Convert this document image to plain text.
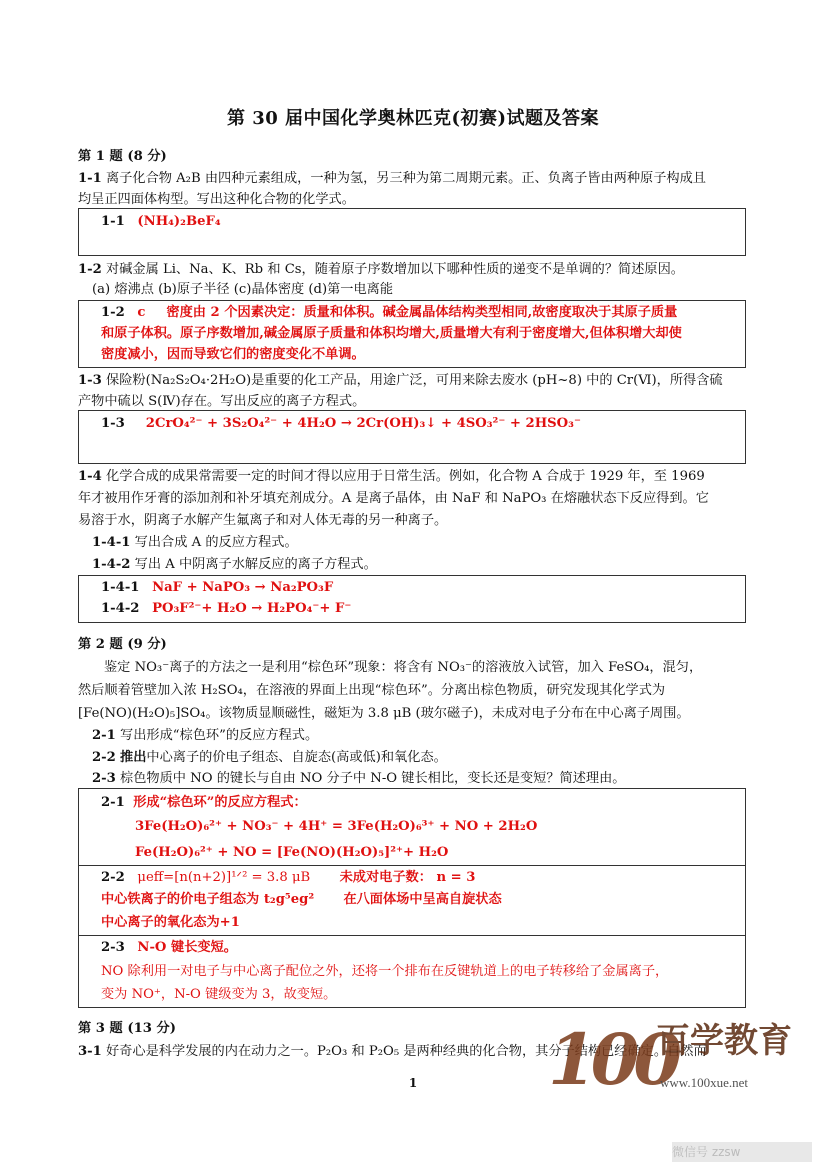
第 30 届中国化学奥林匹克(初赛)试题及答案
第 1 题 (8 分)
1-1 离子化合物 A₂B 由四种元素组成，一种为氢，另三种为第二周期元素。正、负离子皆由两种原子构成且
均呈正四面体构型。写出这种化合物的化学式。
1-1 (NH₄)₂BeF₄
1-2 对碱金属 Li、Na、K、Rb 和 Cs，随着原子序数增加以下哪种性质的递变不是单调的？简述原因。
(a) 熔沸点 (b)原子半径 (c)晶体密度 (d)第一电离能
1-2 c 密度由 2 个因素决定：质量和体积。碱金属晶体结构类型相同,故密度取决于其原子质量
和原子体积。原子序数增加,碱金属原子质量和体积均增大,质量增大有利于密度增大,但体积增大却使
密度减小，因而导致它们的密度变化不单调。
1-3 保险粉(Na₂S₂O₄·2H₂O)是重要的化工产品，用途广泛，可用来除去废水 (pH~8) 中的 Cr(Ⅵ)，所得含硫
产物中硫以 S(Ⅳ)存在。写出反应的离子方程式。
1-3 2CrO₄²⁻ + 3S₂O₄²⁻ + 4H₂O → 2Cr(OH)₃↓ + 4SO₃²⁻ + 2HSO₃⁻
1-4 化学合成的成果常需要一定的时间才得以应用于日常生活。例如，化合物 A 合成于 1929 年，至 1969
年才被用作牙膏的添加剂和补牙填充剂成分。A 是离子晶体，由 NaF 和 NaPO₃ 在熔融状态下反应得到。它
易溶于水，阴离子水解产生氟离子和对人体无毒的另一种离子。
1-4-1 写出合成 A 的反应方程式。
1-4-2 写出 A 中阴离子水解反应的离子方程式。
1-4-1 NaF + NaPO₃ → Na₂PO₃F
1-4-2 PO₃F²⁻+ H₂O → H₂PO₄⁻+ F⁻
第 2 题 (9 分)
鉴定 NO₃⁻离子的方法之一是利用“棕色环”现象：将含有 NO₃⁻的溶液放入试管，加入 FeSO₄，混匀，
然后顺着管壁加入浓 H₂SO₄，在溶液的界面上出现“棕色环”。分离出棕色物质，研究发现其化学式为
[Fe(NO)(H₂O)₅]SO₄。该物质显顺磁性，磁矩为 3.8 μB (玻尔磁子)，未成对电子分布在中心离子周围。
2-1 写出形成“棕色环”的反应方程式。
2-2 推出中心离子的价电子组态、自旋态(高或低)和氧化态。
2-3 棕色物质中 NO 的键长与自由 NO 分子中 N-O 键长相比，变长还是变短？简述理由。
2-1 形成“棕色环”的反应方程式：
3Fe(H₂O)₆²⁺ + NO₃⁻ + 4H⁺ = 3Fe(H₂O)₆³⁺ + NO + 2H₂O
Fe(H₂O)₆²⁺ + NO = [Fe(NO)(H₂O)₅]²⁺+ H₂O
2-2 μeff=[n(n+2)]¹ᐟ² = 3.8 μB 未成对电子数： n = 3
中心铁离子的价电子组态为 t₂g⁵eg² 在八面体场中呈高自旋状态
中心离子的氧化态为+1
2-3 N-O 键长变短。
NO 除利用一对电子与中心离子配位之外，还将一个排布在反键轨道上的电子转移给了金属离子，
变为 NO⁺，N-O 键级变为 3，故变短。
第 3 题 (13 分)
3-1 好奇心是科学发展的内在动力之一。P₂O₃ 和 P₂O₅ 是两种经典的化合物，其分子结构已经确定。自然而
1	100
百学教育
www.100xue.net
微信号 zzsw
